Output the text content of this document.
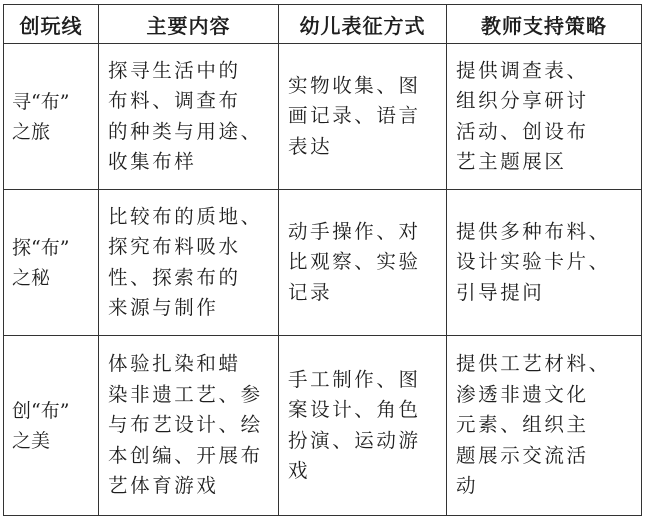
创玩线	主要内容	幼儿表征方式	教师支持策略

寻“布”
之旅	探寻生活中的
布料、调查布
的种类与用途、
收集布样	实物收集、图
画记录、语言
表达	提供调查表、
组织分享研讨
活动、创设布
艺主题展区

探“布”
之秘	比较布的质地、
探究布料吸水
性、探索布的
来源与制作	动手操作、对
比观察、实验
记录	提供多种布料、
设计实验卡片、
引导提问

创“布”
之美	体验扎染和蜡
染非遗工艺、参
与布艺设计、绘
本创编、开展布
艺体育游戏	手工制作、图
案设计、角色
扮演、运动游
戏	提供工艺材料、
渗透非遗文化
元素、组织主
题展示交流活
动
